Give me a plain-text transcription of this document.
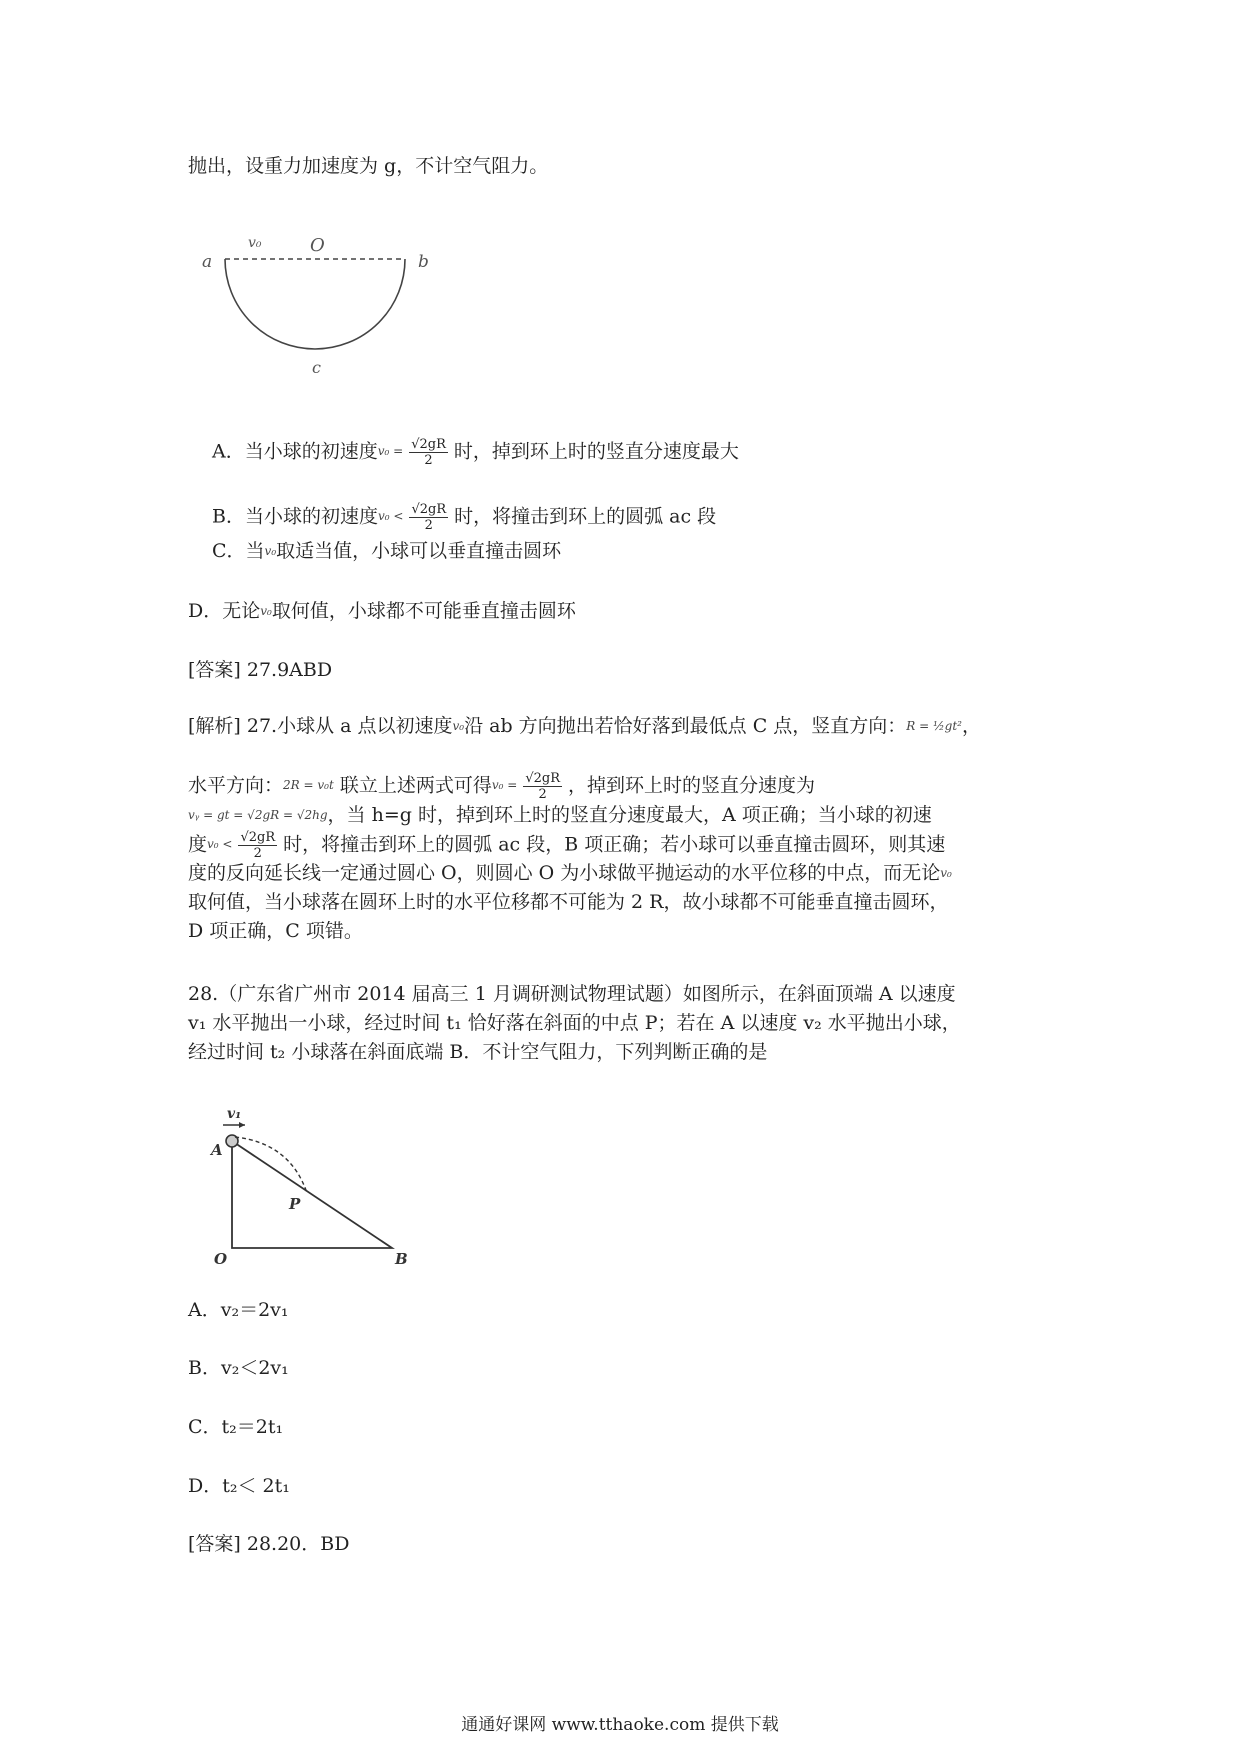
抛出，设重力加速度为 g，不计空气阻力。
v₀	O
a	b
c
A．当小球的初速度$^{v_0 =} \frac{√2gR}{2}$ 时，掉到环上时的竖直分速度最大
B．当小球的初速度$^{v_0 <} \frac{√2gR}{2}$ 时，将撞击到环上的圆弧 ac 段
C．当$^{v_0}$取适当值，小球可以垂直撞击圆环
D．无论$^{v_0}$取何值，小球都不可能垂直撞击圆环
[答案] 27.9ABD
[解析] 27.小球从 a 点以初速度$^{v_0}$沿 ab 方向抛出若恰好落到最低点 C 点，竖直方向：$^{R = \frac{1}{2}gt^2}$，
水平方向：$^{2R = v_0t}$ 联立上述两式可得$^{v_0 =} \frac{√2gR}{2}$ ，掉到环上时的竖直分速度为
$^{vᵧ = gt = √2gR = √2hg}$，当 h=g 时，掉到环上时的竖直分速度最大，A 项正确；当小球的初速
度$^{v_0 <} \frac{√2gR}{2}$ 时，将撞击到环上的圆弧 ac 段，B 项正确；若小球可以垂直撞击圆环，则其速
度的反向延长线一定通过圆心 O，则圆心 O 为小球做平抛运动的水平位移的中点，而无论$^{v_0}$
取何值，当小球落在圆环上时的水平位移都不可能为 2 R，故小球都不可能垂直撞击圆环，
D 项正确，C 项错。
28.（广东省广州市 2014 届高三 1 月调研测试物理试题）如图所示，在斜面顶端 A 以速度
v₁ 水平抛出一小球，经过时间 t₁ 恰好落在斜面的中点 P；若在 A 以速度 v₂ 水平抛出小球，
经过时间 t₂ 小球落在斜面底端 B．不计空气阻力，下列判断正确的是
v₁
A
P
O	B
A．v₂＝2v₁
B．v₂＜2v₁
C．t₂＝2t₁
D．t₂＜ 2t₁
[答案] 28.20．BD
通通好课网 www.tthaoke.com 提供下载
